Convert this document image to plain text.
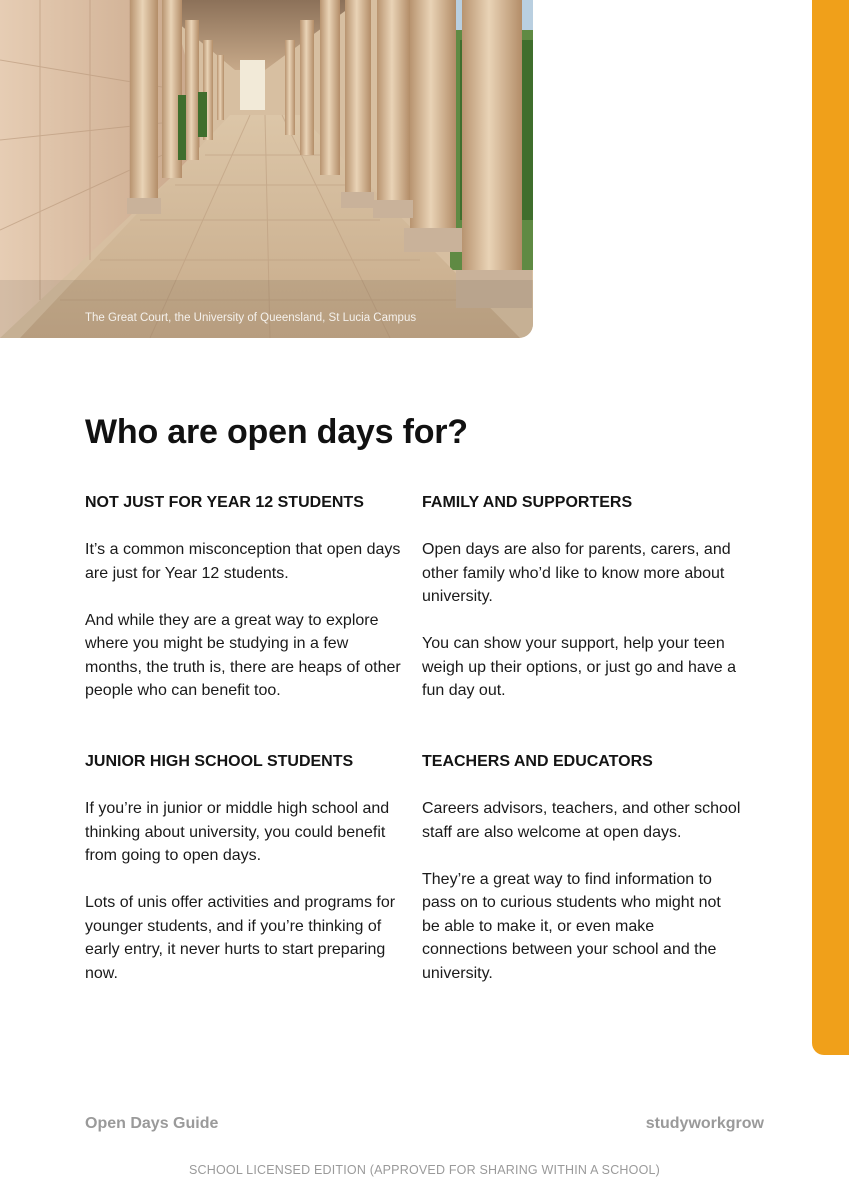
The Great Court, the University of Queensland, St Lucia Campus
Who are open days for?
NOT JUST FOR YEAR 12 STUDENTS

It’s a common misconception that open days are just for Year 12 students.

And while they are a great way to explore where you might be studying in a few months, the truth is, there are heaps of other people who can benefit too.

FAMILY AND SUPPORTERS

Open days are also for parents, carers, and other family who’d like to know more about university.

You can show your support, help your teen weigh up their options, or just go and have a fun day out.

JUNIOR HIGH SCHOOL STUDENTS

If you’re in junior or middle high school and thinking about university, you could benefit from going to open days.

Lots of unis offer activities and programs for younger students, and if you’re thinking of early entry, it never hurts to start preparing now.

TEACHERS AND EDUCATORS

Careers advisors, teachers, and other school staff are also welcome at open days.

They’re a great way to find information to pass on to curious students who might not be able to make it, or even make connections between your school and the university.

Open Days Guide	studyworkgrow
SCHOOL LICENSED EDITION (APPROVED FOR SHARING WITHIN A SCHOOL)
